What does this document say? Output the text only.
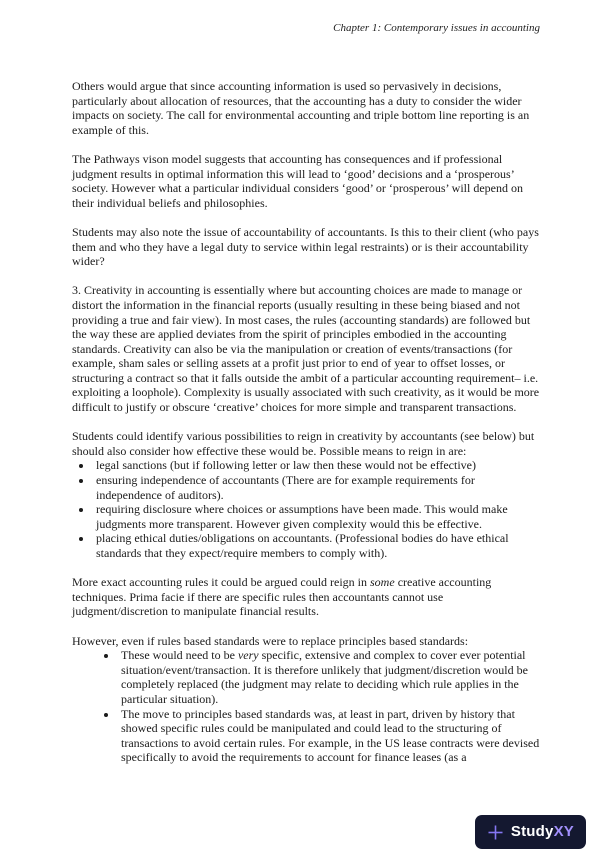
Chapter 1: Contemporary issues in accounting

Others would argue that since accounting information is used so pervasively in decisions, particularly about allocation of resources, that the accounting has a duty to consider the wider impacts on society. The call for environmental accounting and triple bottom line reporting is an example of this.

The Pathways vison model suggests that accounting has consequences and if professional judgment results in optimal information this will lead to ‘good’ decisions and a ‘prosperous’ society. However what a particular individual considers ‘good’ or ‘prosperous’ will depend on their individual beliefs and philosophies.

Students may also note the issue of accountability of accountants. Is this to their client (who pays them and who they have a legal duty to service within legal restraints) or is their accountability wider?

3. Creativity in accounting is essentially where but accounting choices are made to manage or distort the information in the financial reports (usually resulting in these being biased and not providing a true and fair view). In most cases, the rules (accounting standards) are followed but the way these are applied deviates from the spirit of principles embodied in the accounting standards. Creativity can also be via the manipulation or creation of events/transactions (for example, sham sales or selling assets at a profit just prior to end of year to offset losses, or structuring a contract so that it falls outside the ambit of a particular accounting requirement– i.e. exploiting a loophole). Complexity is usually associated with such creativity, as it would be more difficult to justify or obscure ‘creative’ choices for more simple and transparent transactions.

Students could identify various possibilities to reign in creativity by accountants (see below) but should also consider how effective these would be. Possible means to reign in are:

• legal sanctions (but if following letter or law then these would not be effective)
• ensuring independence of accountants (There are for example requirements for independence of auditors).
• requiring disclosure where choices or assumptions have been made. This would make judgments more transparent. However given complexity would this be effective.
• placing ethical duties/obligations on accountants. (Professional bodies do have ethical standards that they expect/require members to comply with).

More exact accounting rules it could be argued could reign in some creative accounting techniques. Prima facie if there are specific rules then accountants cannot use judgment/discretion to manipulate financial results.

However, even if rules based standards were to replace principles based standards:

• These would need to be very specific, extensive and complex to cover ever potential situation/event/transaction. It is therefore unlikely that judgment/discretion would be completely replaced (the judgment may relate to deciding which rule applies in the particular situation).
• The move to principles based standards was, at least in part, driven by history that showed specific rules could be manipulated and could lead to the structuring of transactions to avoid certain rules. For example, in the US lease contracts were devised specifically to avoid the requirements to account for finance leases (as a
StudyXY
